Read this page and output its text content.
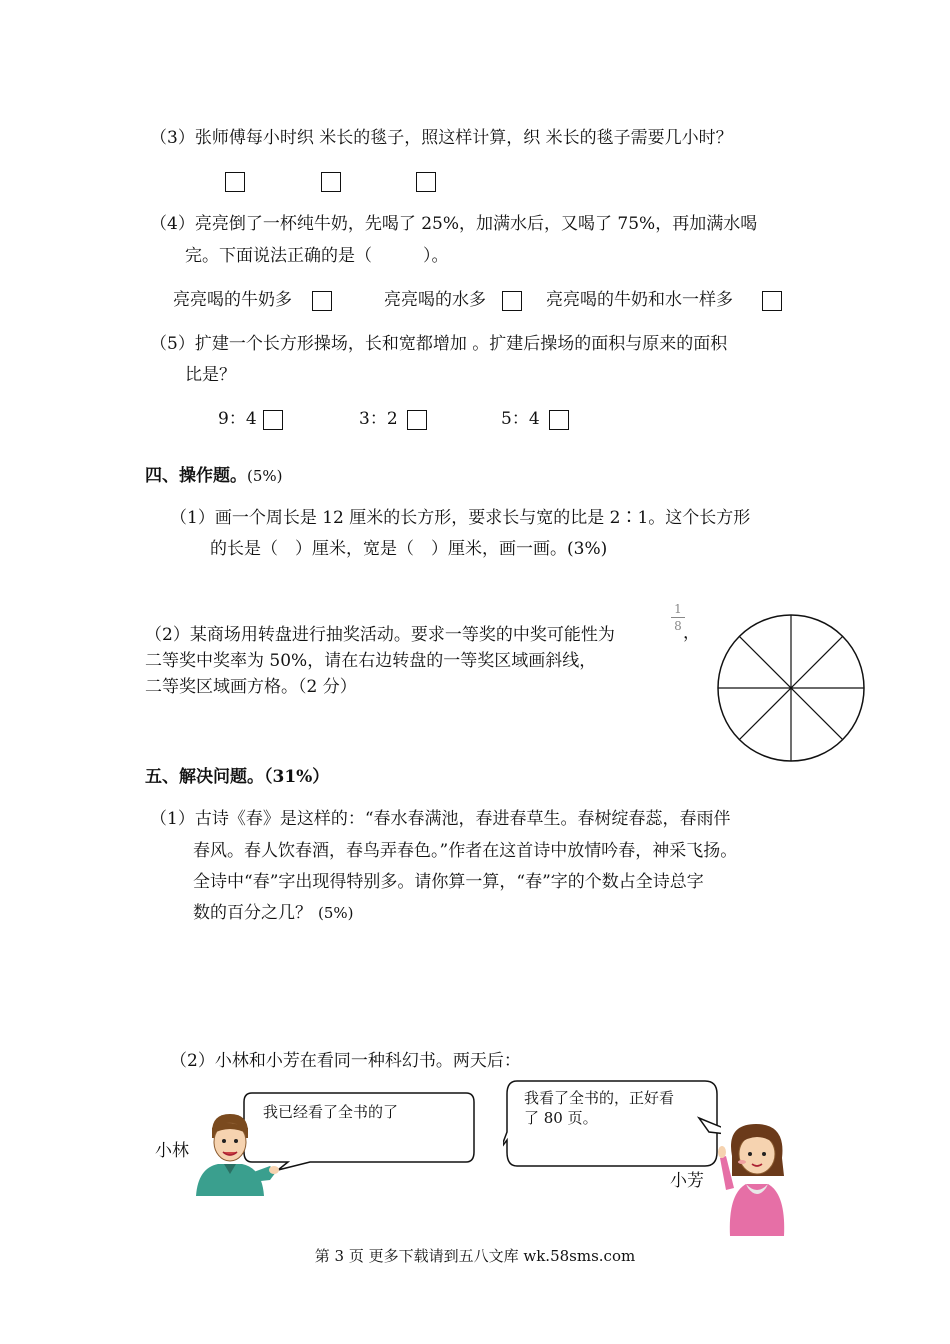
（3）张师傅每小时织 米长的毯子，照这样计算，织 米长的毯子需要几小时？
（4）亮亮倒了一杯纯牛奶，先喝了 25%，加满水后，又喝了 75%，再加满水喝
完。下面说法正确的是（　　　）。
亮亮喝的牛奶多	亮亮喝的水多	亮亮喝的牛奶和水一样多
（5）扩建一个长方形操场，长和宽都增加 。扩建后操场的面积与原来的面积
比是？
9：4	3：2	5：4
四、操作题。(5%)
（1）画一个周长是 12 厘米的长方形，要求长与宽的比是 2∶1。这个长方形
的长是（　）厘米，宽是（　）厘米，画一画。(3%)
（2）某商场用转盘进行抽奖活动。要求一等奖的中奖可能性为
1
8 ，
二等奖中奖率为 50%，请在右边转盘的一等奖区域画斜线，
二等奖区域画方格。（2 分）
五、解决问题。（31%）
（1）古诗《春》是这样的：“春水春满池，春进春草生。春树绽春蕊，春雨伴
春风。春人饮春酒，春鸟弄春色。”作者在这首诗中放情吟春，神采飞扬。
全诗中“春”字出现得特别多。请你算一算，“春”字的个数占全诗总字
数的百分之几？ (5%)
（2）小林和小芳在看同一种科幻书。两天后：
我已经看了全书的了
小林
我看了全书的，正好看
了 80 页。
小芳
第 3 页 更多下载请到五八文库 wk.58sms.com
